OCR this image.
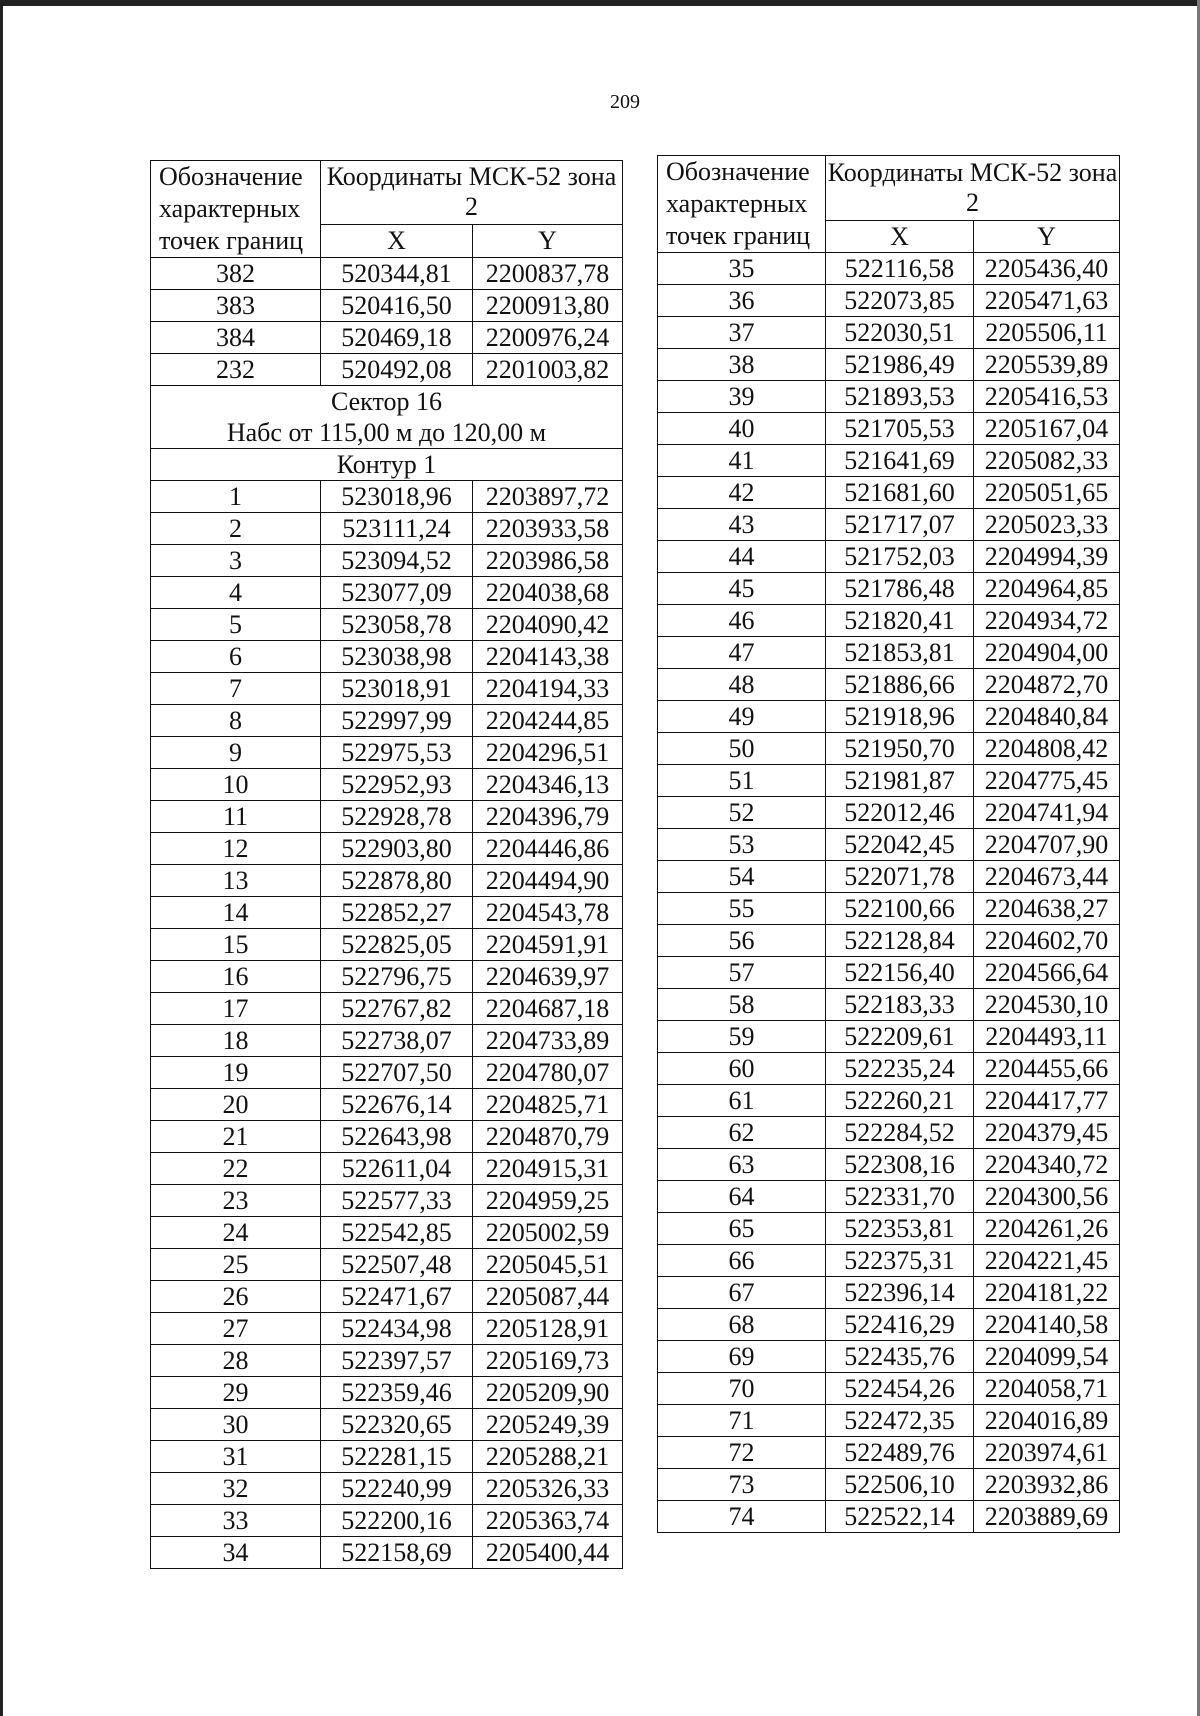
209
Обозначение характерных точек границ	Координаты МСК-52 зона 2	
	X	Y
382	520344,81	2200837,78
383	520416,50	2200913,80
384	520469,18	2200976,24
232	520492,08	2201003,82
Сектор 16		
Набс от 115,00 м до 120,00 м		
Контур 1		
1	523018,96	2203897,72
2	523111,24	2203933,58
3	523094,52	2203986,58
4	523077,09	2204038,68
5	523058,78	2204090,42
6	523038,98	2204143,38
7	523018,91	2204194,33
8	522997,99	2204244,85
9	522975,53	2204296,51
10	522952,93	2204346,13
11	522928,78	2204396,79
12	522903,80	2204446,86
13	522878,80	2204494,90
14	522852,27	2204543,78
15	522825,05	2204591,91
16	522796,75	2204639,97
17	522767,82	2204687,18
18	522738,07	2204733,89
19	522707,50	2204780,07
20	522676,14	2204825,71
21	522643,98	2204870,79
22	522611,04	2204915,31
23	522577,33	2204959,25
24	522542,85	2205002,59
25	522507,48	2205045,51
26	522471,67	2205087,44
27	522434,98	2205128,91
28	522397,57	2205169,73
29	522359,46	2205209,90
30	522320,65	2205249,39
31	522281,15	2205288,21
32	522240,99	2205326,33
33	522200,16	2205363,74
34	522158,69	2205400,44
Обозначение характерных точек границ	Координаты МСК-52 зона 2	
	X	Y
35	522116,58	2205436,40
36	522073,85	2205471,63
37	522030,51	2205506,11
38	521986,49	2205539,89
39	521893,53	2205416,53
40	521705,53	2205167,04
41	521641,69	2205082,33
42	521681,60	2205051,65
43	521717,07	2205023,33
44	521752,03	2204994,39
45	521786,48	2204964,85
46	521820,41	2204934,72
47	521853,81	2204904,00
48	521886,66	2204872,70
49	521918,96	2204840,84
50	521950,70	2204808,42
51	521981,87	2204775,45
52	522012,46	2204741,94
53	522042,45	2204707,90
54	522071,78	2204673,44
55	522100,66	2204638,27
56	522128,84	2204602,70
57	522156,40	2204566,64
58	522183,33	2204530,10
59	522209,61	2204493,11
60	522235,24	2204455,66
61	522260,21	2204417,77
62	522284,52	2204379,45
63	522308,16	2204340,72
64	522331,70	2204300,56
65	522353,81	2204261,26
66	522375,31	2204221,45
67	522396,14	2204181,22
68	522416,29	2204140,58
69	522435,76	2204099,54
70	522454,26	2204058,71
71	522472,35	2204016,89
72	522489,76	2203974,61
73	522506,10	2203932,86
74	522522,14	2203889,69
